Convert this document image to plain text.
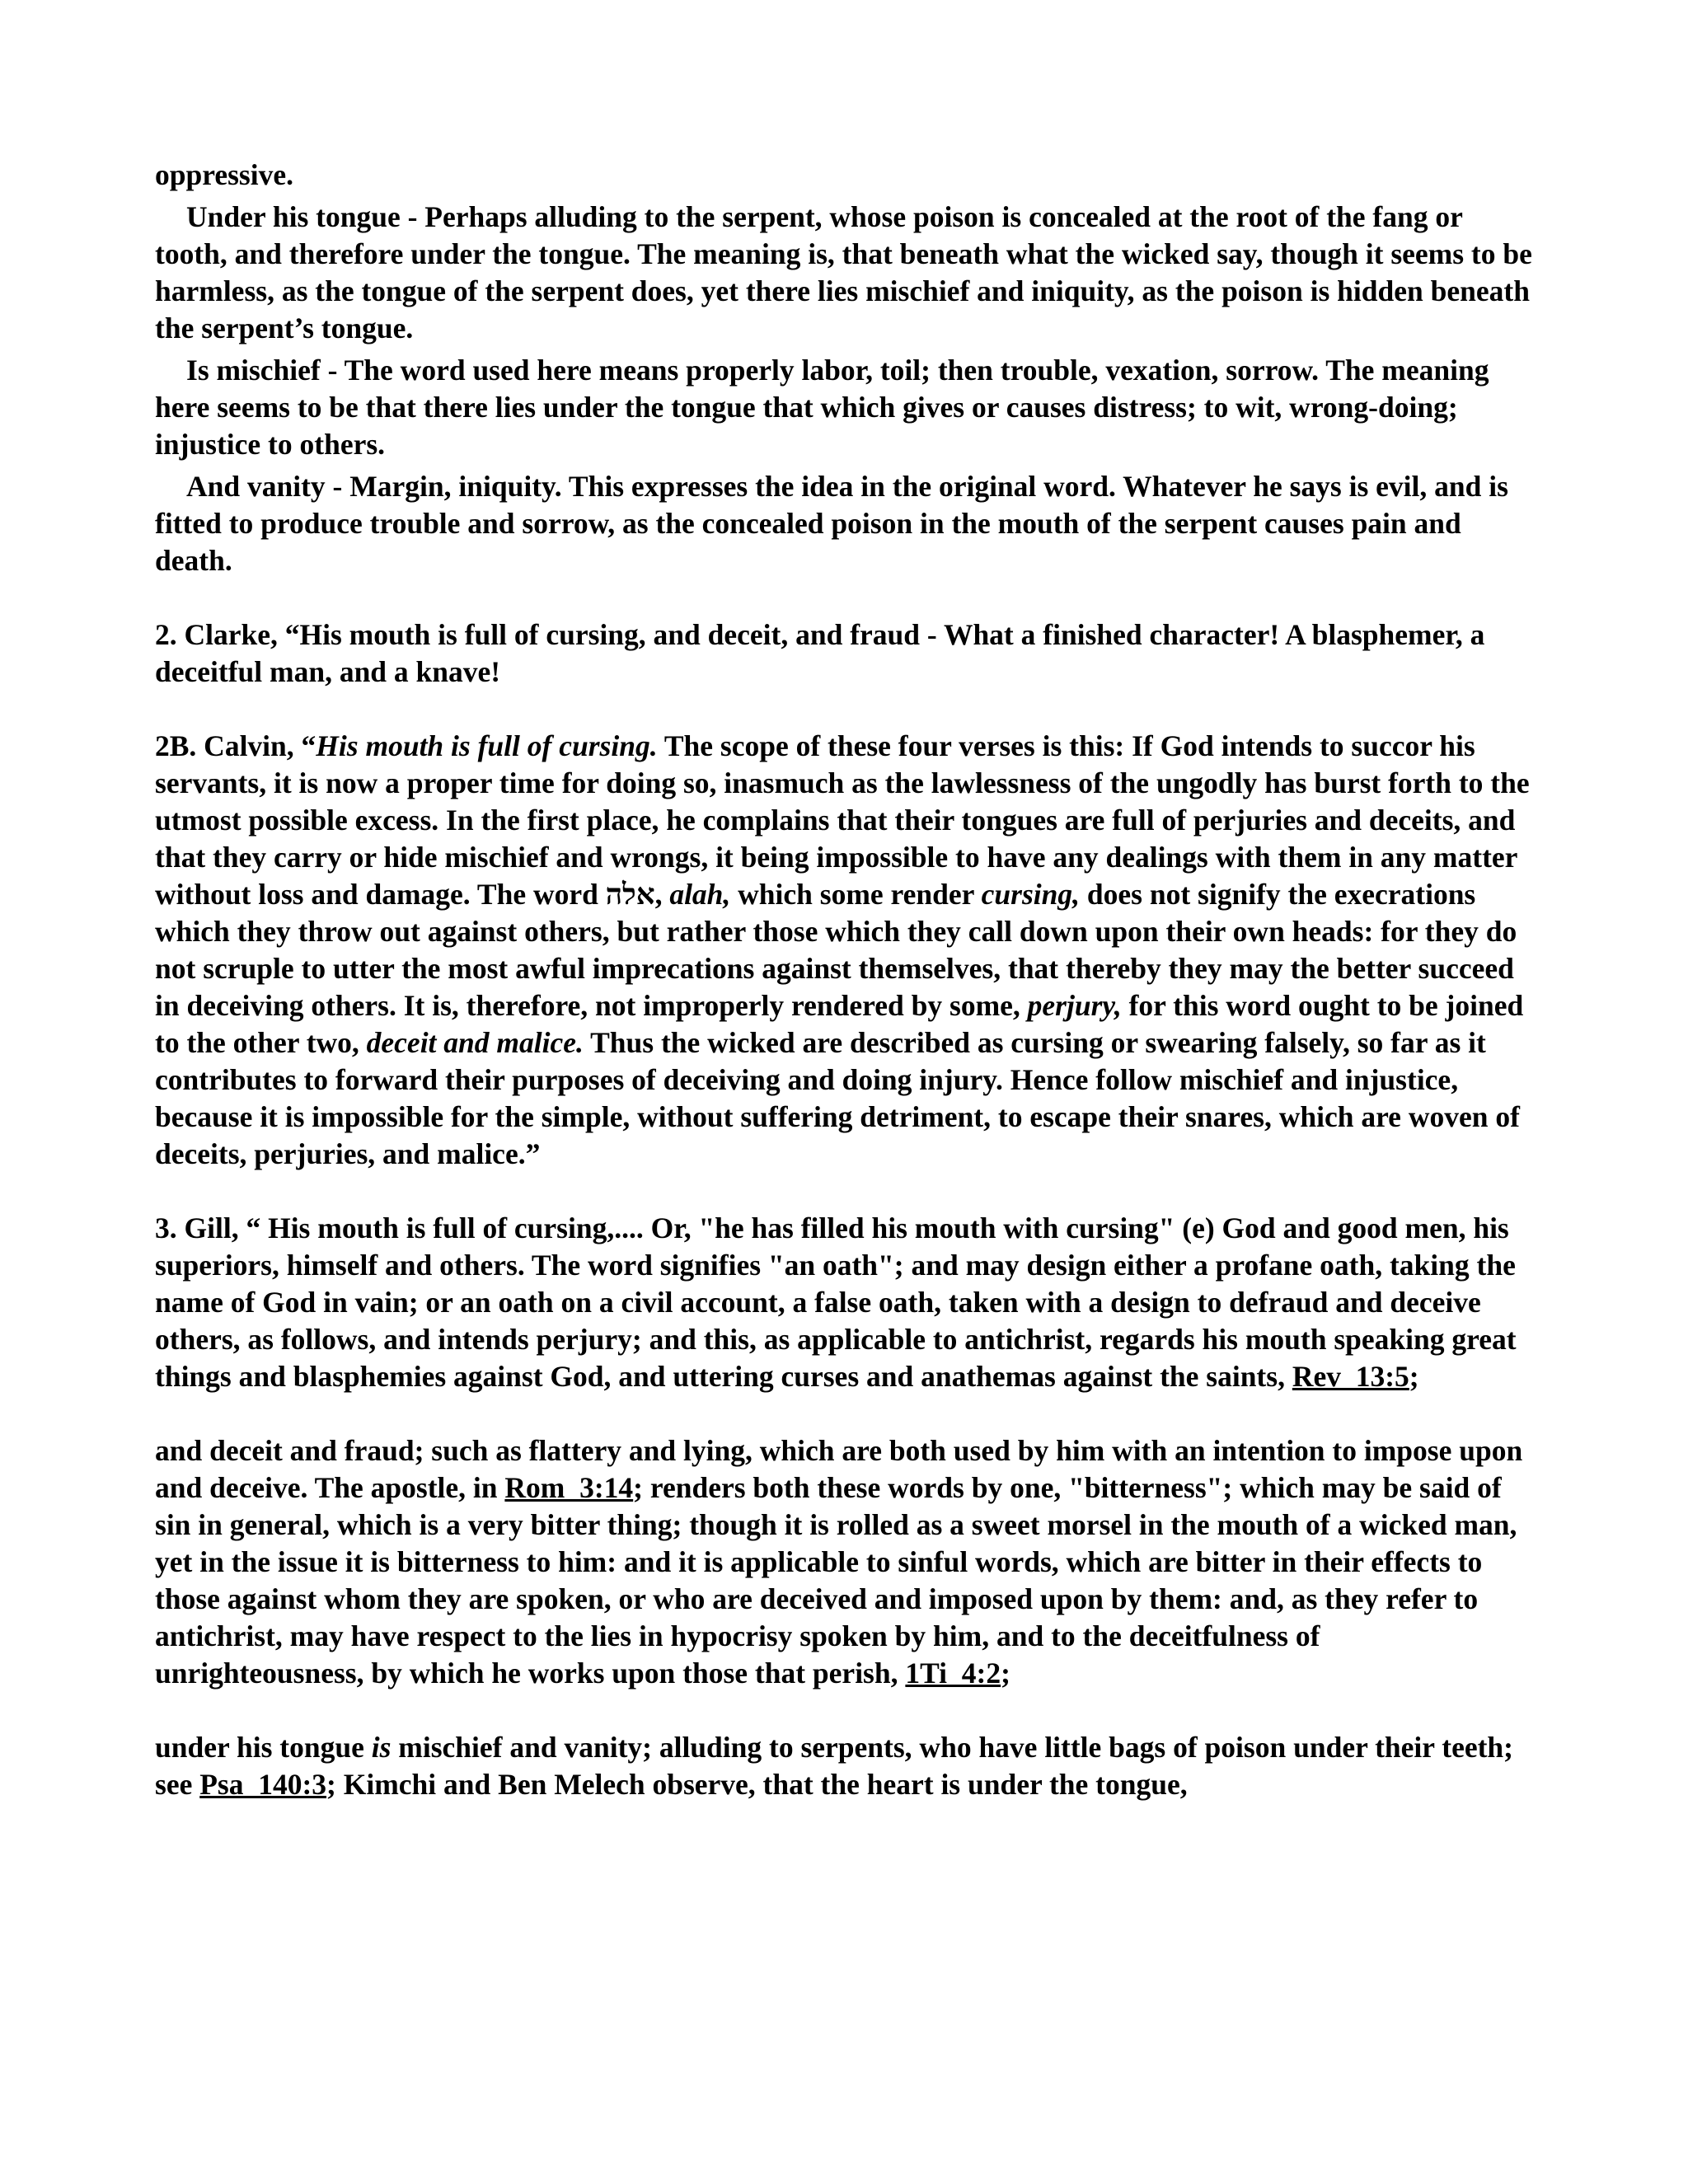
oppressive.

Under his tongue - Perhaps alluding to the serpent, whose poison is concealed at the root of the fang or tooth, and therefore under the tongue. The meaning is, that beneath what the wicked say, though it seems to be harmless, as the tongue of the serpent does, yet there lies mischief and iniquity, as the poison is hidden beneath the serpent’s tongue.

Is mischief - The word used here means properly labor, toil; then trouble, vexation, sorrow. The meaning here seems to be that there lies under the tongue that which gives or causes distress; to wit, wrong-doing; injustice to others.

And vanity - Margin, iniquity. This expresses the idea in the original word. Whatever he says is evil, and is fitted to produce trouble and sorrow, as the concealed poison in the mouth of the serpent causes pain and death.

2. Clarke, “His mouth is full of cursing, and deceit, and fraud - What a finished character! A blasphemer, a deceitful man, and a knave!

2B. Calvin, “His mouth is full of cursing. The scope of these four verses is this: If God intends to succor his servants, it is now a proper time for doing so, inasmuch as the lawlessness of the ungodly has burst forth to the utmost possible excess. In the first place, he complains that their tongues are full of perjuries and deceits, and that they carry or hide mischief and wrongs, it being impossible to have any dealings with them in any matter without loss and damage. The word אלה, alah, which some render cursing, does not signify the execrations which they throw out against others, but rather those which they call down upon their own heads: for they do not scruple to utter the most awful imprecations against themselves, that thereby they may the better succeed in deceiving others. It is, therefore, not improperly rendered by some, perjury, for this word ought to be joined to the other two, deceit and malice. Thus the wicked are described as cursing or swearing falsely, so far as it contributes to forward their purposes of deceiving and doing injury. Hence follow mischief and injustice, because it is impossible for the simple, without suffering detriment, to escape their snares, which are woven of deceits, perjuries, and malice.”

3. Gill, “ His mouth is full of cursing,.... Or, "he has filled his mouth with cursing" (e) God and good men, his superiors, himself and others. The word signifies "an oath"; and may design either a profane oath, taking the name of God in vain; or an oath on a civil account, a false oath, taken with a design to defraud and deceive others, as follows, and intends perjury; and this, as applicable to antichrist, regards his mouth speaking great things and blasphemies against God, and uttering curses and anathemas against the saints, Rev_13:5;

and deceit and fraud; such as flattery and lying, which are both used by him with an intention to impose upon and deceive. The apostle, in Rom_3:14; renders both these words by one, "bitterness"; which may be said of sin in general, which is a very bitter thing; though it is rolled as a sweet morsel in the mouth of a wicked man, yet in the issue it is bitterness to him: and it is applicable to sinful words, which are bitter in their effects to those against whom they are spoken, or who are deceived and imposed upon by them: and, as they refer to antichrist, may have respect to the lies in hypocrisy spoken by him, and to the deceitfulness of unrighteousness, by which he works upon those that perish, 1Ti_4:2;

under his tongue is mischief and vanity; alluding to serpents, who have little bags of poison under their teeth; see Psa_140:3; Kimchi and Ben Melech observe, that the heart is under the tongue,
